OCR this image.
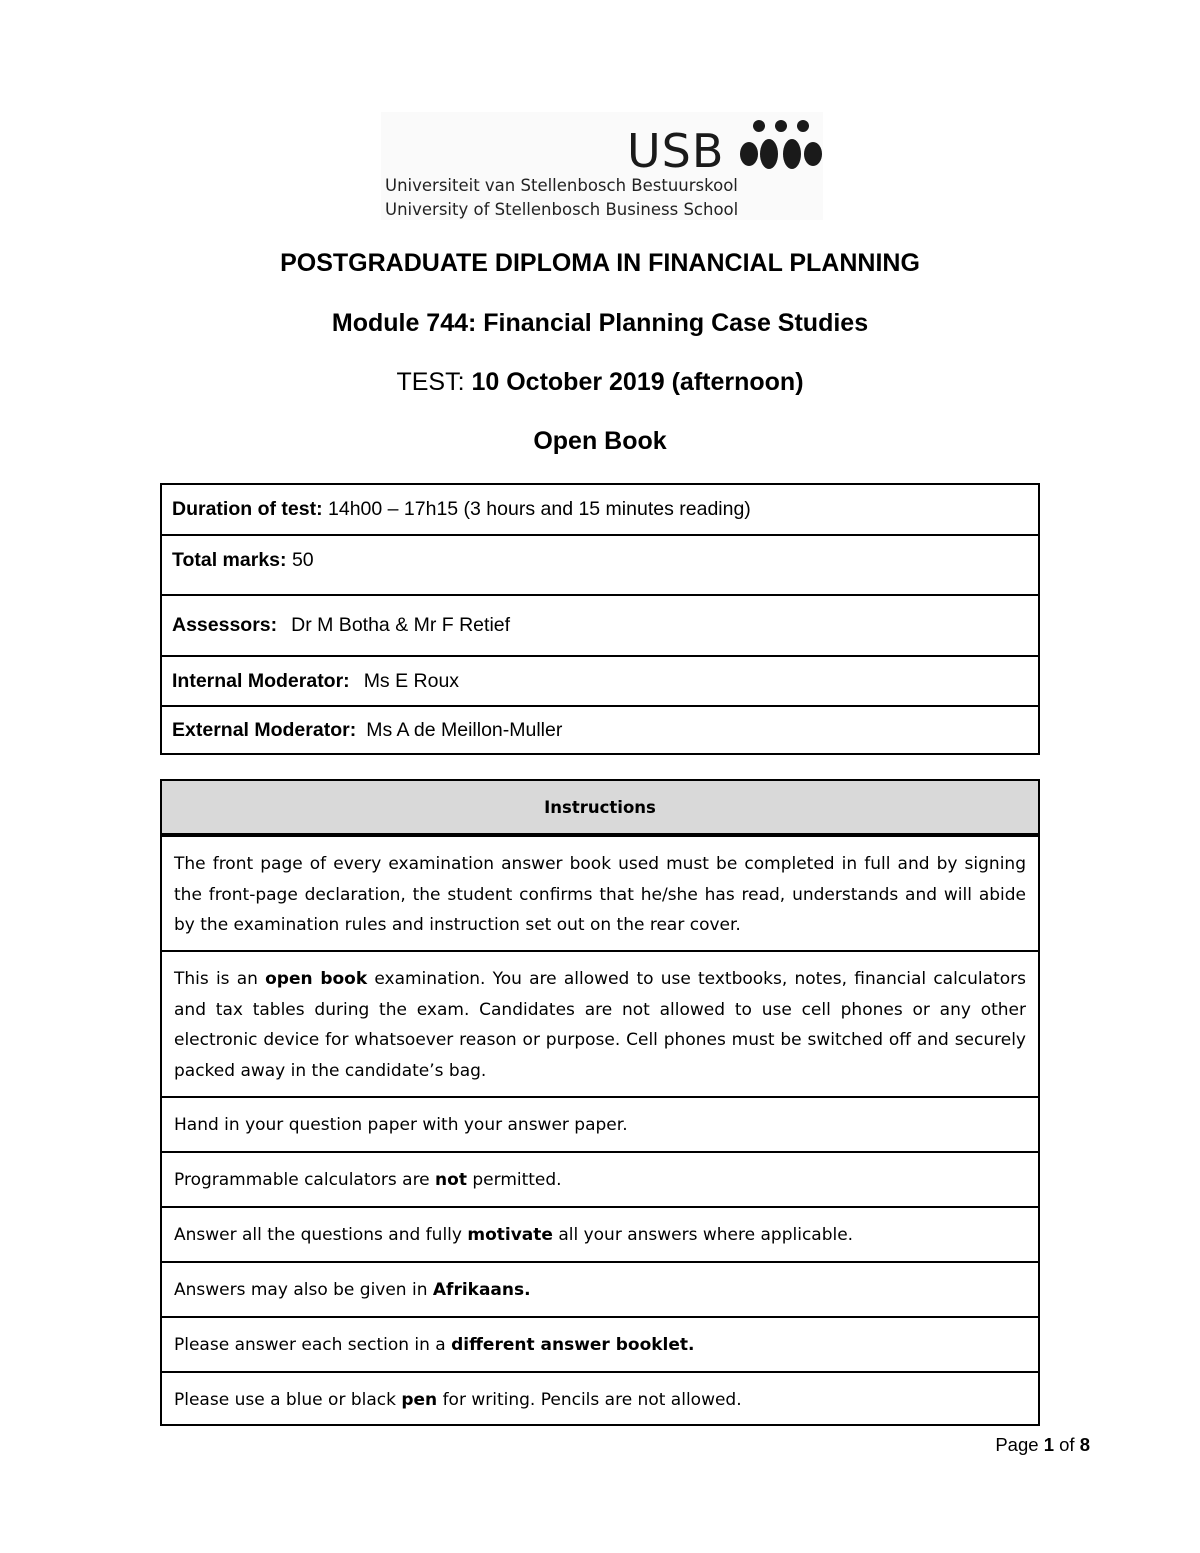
USB
Universiteit van Stellenbosch Bestuurskool
University of Stellenbosch Business School
POSTGRADUATE DIPLOMA IN FINANCIAL PLANNING
Module 744: Financial Planning Case Studies
TEST: 10 October 2019 (afternoon)
Open Book
Duration of test:
14h00 – 17h15 (3 hours and 15 minutes reading)
Total marks:
50
Assessors: Dr M Botha & Mr F Retief
Internal Moderator: Ms E Roux
External Moderator: Ms A de Meillon-Muller
Instructions
The front page of every examination answer book used must be completed in full and by signing the front-page declaration, the student confirms that he/she has read, understands and will abide by the examination rules and instruction set out on the rear cover.
This is an open book examination. You are allowed to use textbooks, notes, financial calculators and tax tables during the exam. Candidates are not allowed to use cell phones or any other electronic device for whatsoever reason or purpose. Cell phones must be switched off and securely packed away in the candidate’s bag.
Hand in your question paper with your answer paper.
Programmable calculators are not permitted.
Answer all the questions and fully motivate all your answers where applicable.
Answers may also be given in Afrikaans.
Please answer each section in a different answer booklet.
Please use a blue or black pen for writing. Pencils are not allowed.
Page 1 of 8
